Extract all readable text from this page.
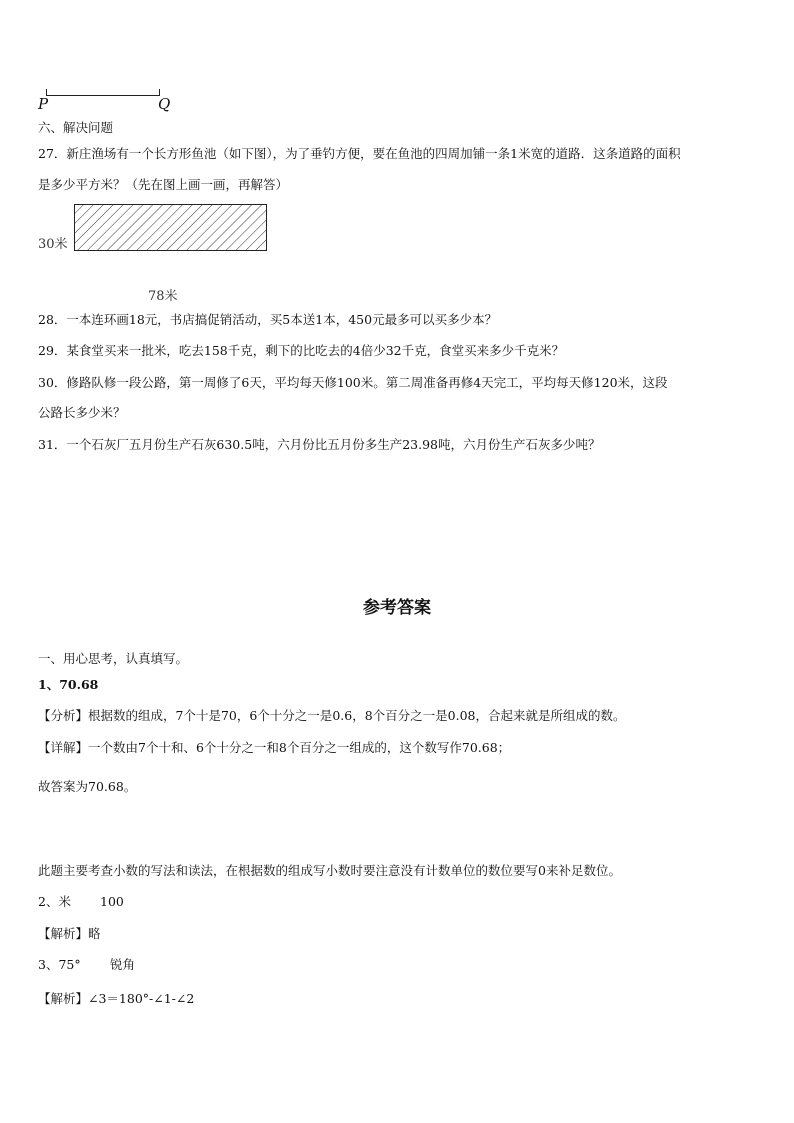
P	Q
六、解决问题
27．新庄渔场有一个长方形鱼池（如下图），为了垂钓方便，要在鱼池的四周加铺一条1米宽的道路．这条道路的面积
是多少平方米？（先在图上画一画，再解答）
30米
78米
28．一本连环画18元，书店搞促销活动，买5本送1本，450元最多可以买多少本？
29．某食堂买来一批米，吃去158千克，剩下的比吃去的4倍少32千克，食堂买来多少千克米？
30．修路队修一段公路，第一周修了6天，平均每天修100米。第二周准备再修4天完工，平均每天修120米，这段
公路长多少米？
31．一个石灰厂五月份生产石灰630.5吨，六月份比五月份多生产23.98吨，六月份生产石灰多少吨？
参考答案
一、用心思考，认真填写。
1、70.68
【分析】根据数的组成，7个十是70，6个十分之一是0.6，8个百分之一是0.08，合起来就是所组成的数。
【详解】一个数由7个十和、6个十分之一和8个百分之一组成的，这个数写作70.68；
故答案为70.68。
此题主要考查小数的写法和读法，在根据数的组成写小数时要注意没有计数单位的数位要写0来补足数位。
2、米 100
【解析】略
3、75° 锐角
【解析】∠3＝180°-∠1-∠2
